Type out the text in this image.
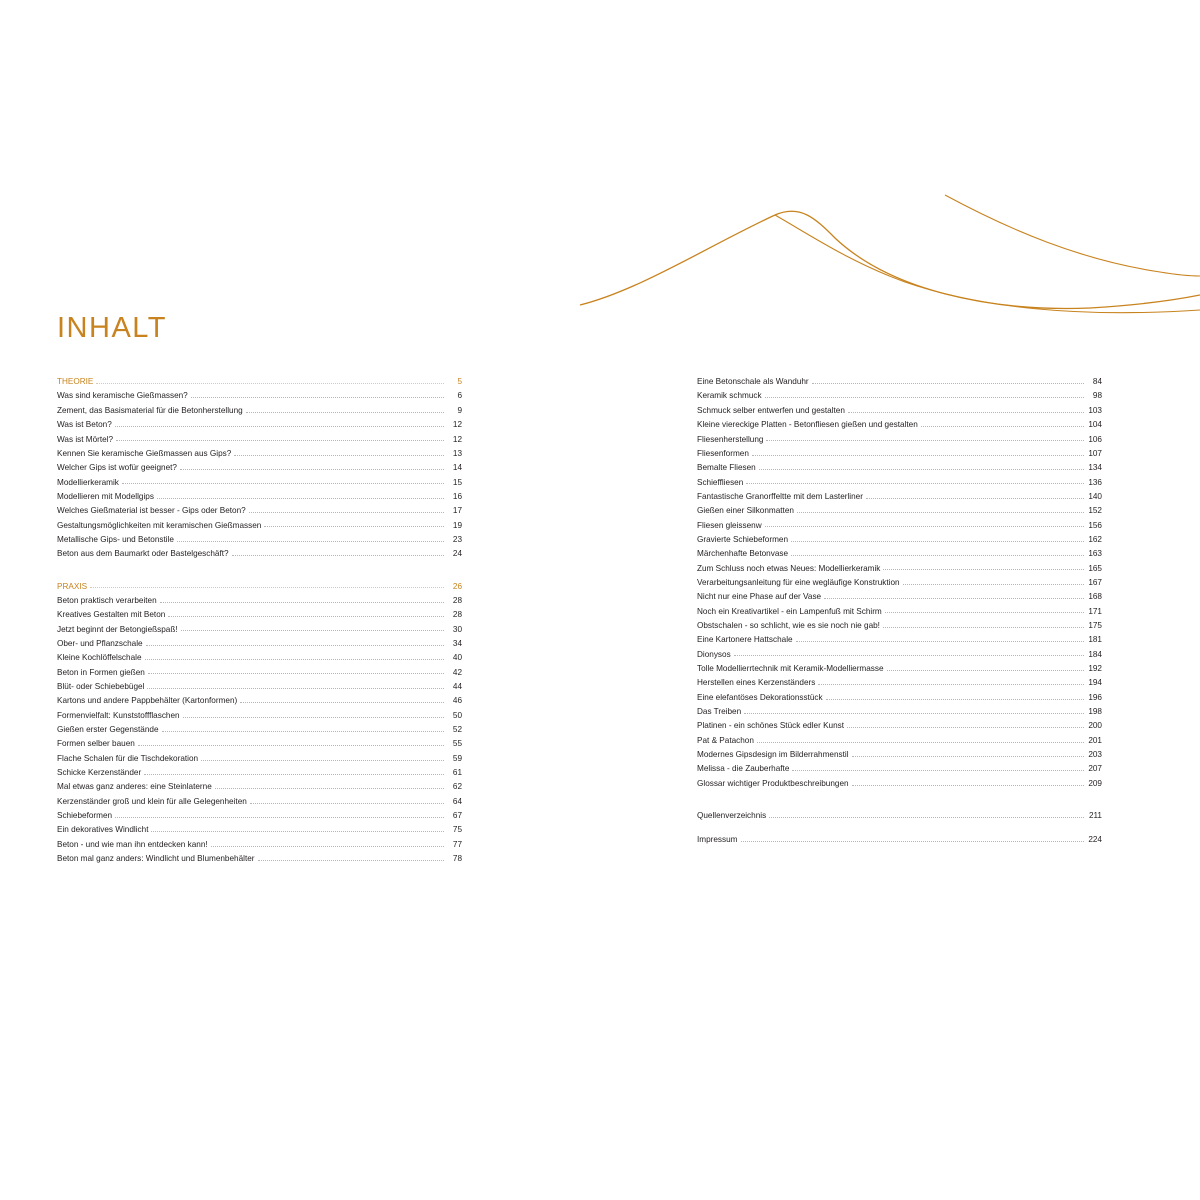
INHALT
THEORIE	5
Was sind keramische Gießmassen?	6
Zement, das Basismaterial für die Betonherstellung	9
Was ist Beton?	12
Was ist Mörtel?	12
Kennen Sie keramische Gießmassen aus Gips?	13
Welcher Gips ist wofür geeignet?	14
Modellierkeramik	15
Modellieren mit Modellgips	16
Welches Gießmaterial ist besser - Gips oder Beton?	17
Gestaltungsmöglichkeiten mit keramischen Gießmassen	19
Metallische Gips- und Betonstile	23
Beton aus dem Baumarkt oder Bastelgeschäft?	24
PRAXIS	26
Beton praktisch verarbeiten	28
Kreatives Gestalten mit Beton	28
Jetzt beginnt der Betongießspaß!	30
Ober- und Pflanzschale	34
Kleine Kochlöffelschale	40
Beton in Formen gießen	42
Blüt- oder Schiebebügel	44
Kartons und andere Pappbehälter (Kartonformen)	46
Formenvielfalt: Kunststoffflaschen	50
Gießen erster Gegenstände	52
Formen selber bauen	55
Flache Schalen für die Tischdekoration	59
Schicke Kerzenständer	61
Mal etwas ganz anderes: eine Steinlaterne	62
Kerzenständer groß und klein für alle Gelegenheiten	64
Schiebeformen	67
Ein dekoratives Windlicht	75
Beton - und wie man ihn entdecken kann!	77
Beton mal ganz anders: Windlicht und Blumenbehälter	78
Eine Betonschale als Wanduhr	84
Keramik schmuck	98
Schmuck selber entwerfen und gestalten	103
Kleine viereckige Platten - Betonfliesen gießen und gestalten	104
Fliesenherstellung	106
Fliesenformen	107
Bemalte Fliesen	134
Schieffliesen	136
Fantastische Granorffeltte mit dem Lasterliner	140
Gießen einer Silkonmatten	152
Fliesen gleissenw	156
Gravierte Schiebeformen	162
Märchenhafte Betonvase	163
Zum Schluss noch etwas Neues: Modellierkeramik	165
Verarbeitungsanleitung für eine wegläufige Konstruktion	167
Nicht nur eine Phase auf der Vase	168
Noch ein Kreativartikel - ein Lampenfuß mit Schirm	171
Obstschalen - so schlicht, wie es sie noch nie gab!	175
Eine Kartonere Hattschale	181
Dionysos	184
Tolle Modellierrtechnik mit Keramik-Modelliermasse	192
Herstellen eines Kerzenständers	194
Eine elefantöses Dekorationsstück	196
Das Treiben	198
Platinen - ein schönes Stück edler Kunst	200
Pat & Patachon	201
Modernes Gipsdesign im Bilderrahmenstil	203
Melissa - die Zauberhafte	207
Glossar wichtiger Produktbeschreibungen	209
Quellenverzeichnis	211
Impressum	224
